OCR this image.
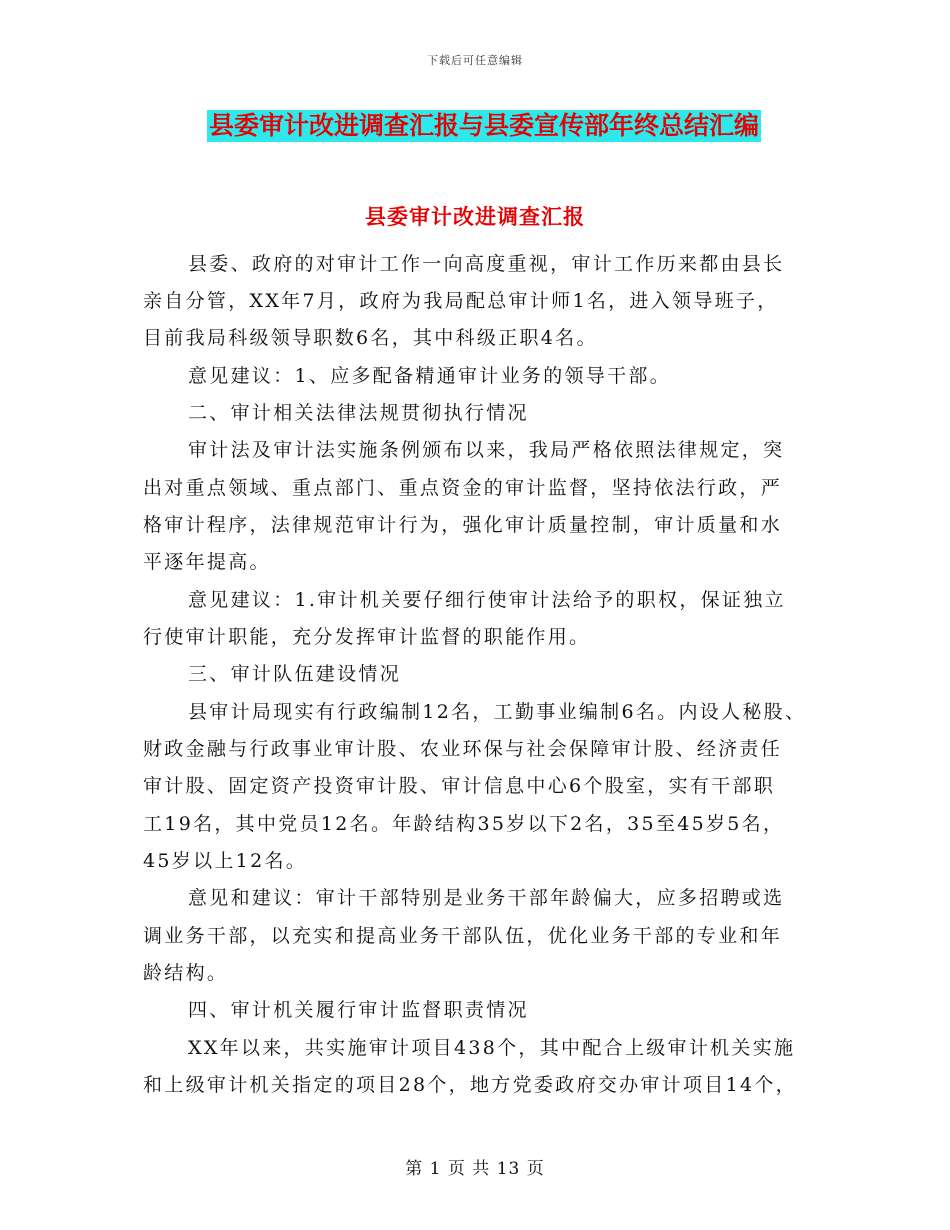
下载后可任意编辑
县委审计改进调查汇报与县委宣传部年终总结汇编
县委审计改进调查汇报
县委、政府的对审计工作一向高度重视，审计工作历来都由县长
亲自分管，XX年7月，政府为我局配总审计师1名，进入领导班子，
目前我局科级领导职数6名，其中科级正职4名。
意见建议：1、应多配备精通审计业务的领导干部。
二、审计相关法律法规贯彻执行情况
审计法及审计法实施条例颁布以来，我局严格依照法律规定，突
出对重点领域、重点部门、重点资金的审计监督，坚持依法行政，严
格审计程序，法律规范审计行为，强化审计质量控制，审计质量和水
平逐年提高。
意见建议：1.审计机关要仔细行使审计法给予的职权，保证独立
行使审计职能，充分发挥审计监督的职能作用。
三、审计队伍建设情况
县审计局现实有行政编制12名，工勤事业编制6名。内设人秘股、
财政金融与行政事业审计股、农业环保与社会保障审计股、经济责任
审计股、固定资产投资审计股、审计信息中心6个股室，实有干部职
工19名，其中党员12名。年龄结构35岁以下2名，35至45岁5名，
45岁以上12名。
意见和建议：审计干部特别是业务干部年龄偏大，应多招聘或选
调业务干部，以充实和提高业务干部队伍，优化业务干部的专业和年
龄结构。
四、审计机关履行审计监督职责情况
XX年以来，共实施审计项目438个，其中配合上级审计机关实施
和上级审计机关指定的项目28个，地方党委政府交办审计项目14个，
第 1 页 共 13 页
